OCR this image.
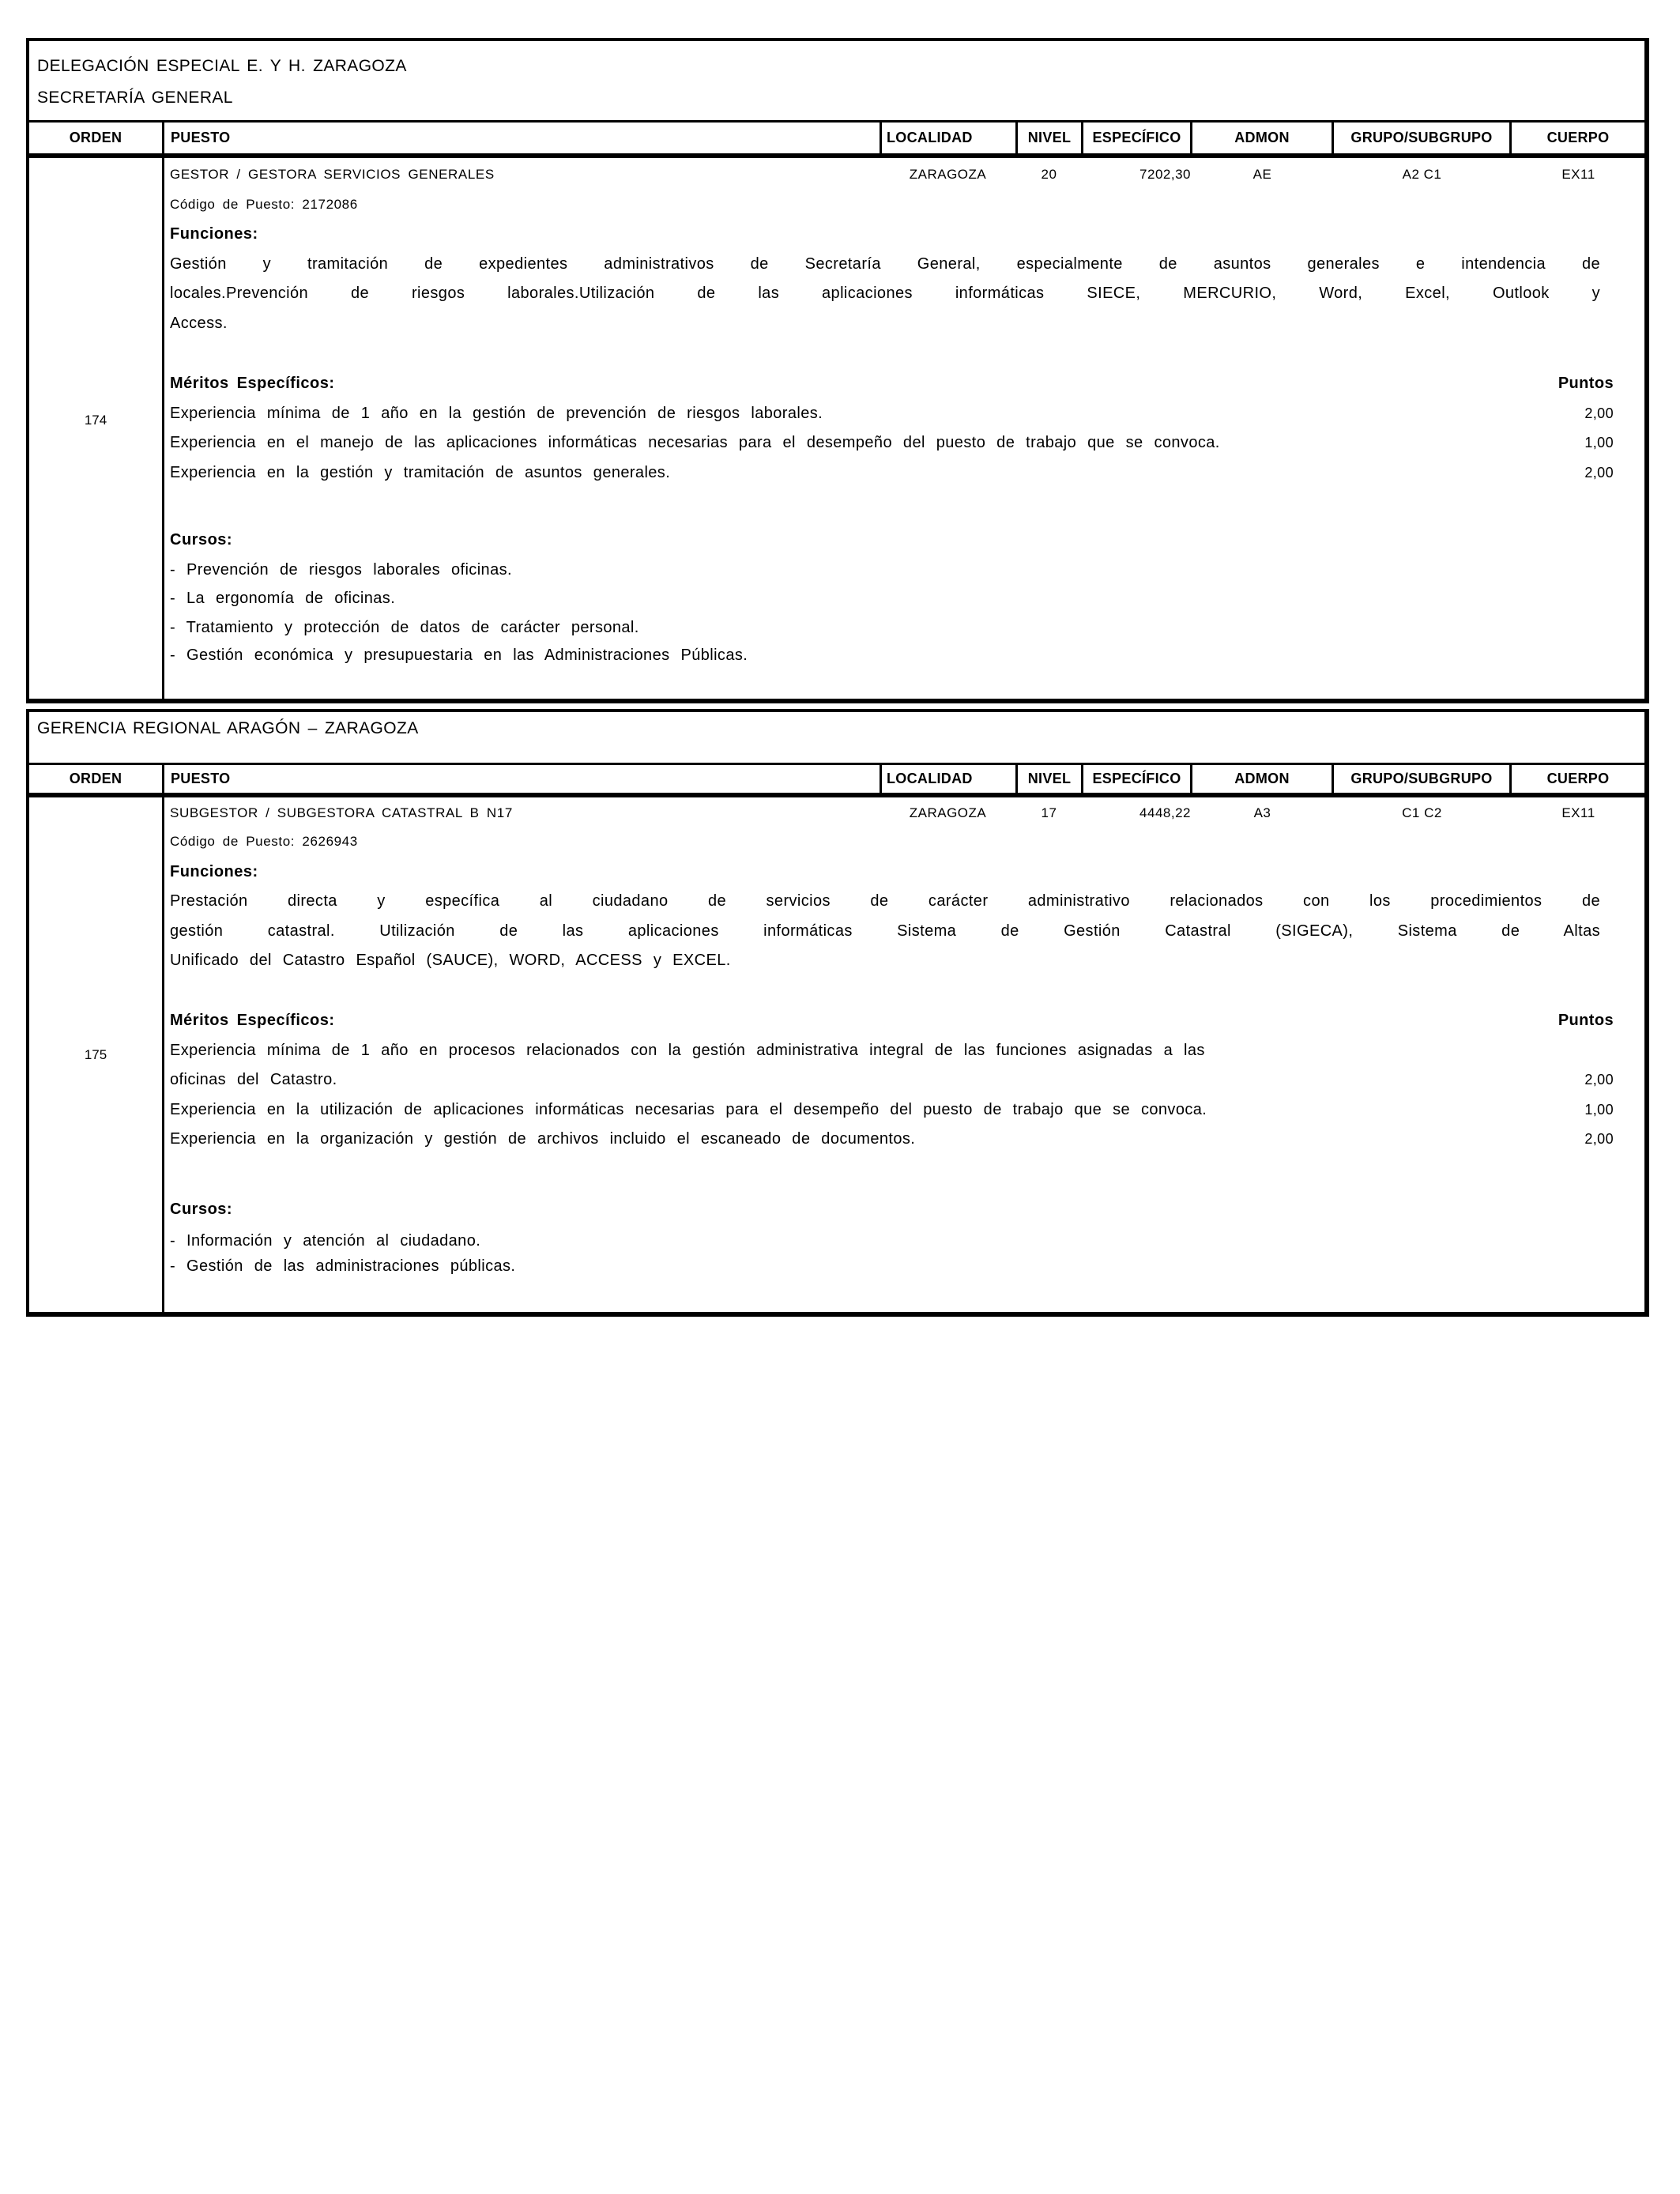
DELEGACIÓN ESPECIAL E. Y H. ZARAGOZA
SECRETARÍA GENERAL
ORDEN	PUESTO	LOCALIDAD	NIVEL	ESPECÍFICO	ADMON	GRUPO/SUBGRUPO	CUERPO
174
GESTOR / GESTORA SERVICIOS GENERALES	ZARAGOZA	20	7202,30	AE	A2 C1	EX11
Código de Puesto: 2172086
Funciones:
Gestión y tramitación de expedientes administrativos de Secretaría General, especialmente de asuntos generales e intendencia de
locales.Prevención de riesgos laborales.Utilización de las aplicaciones informáticas SIECE, MERCURIO, Word, Excel, Outlook y
Access.
Méritos Específicos:	Puntos
Experiencia mínima de 1 año en la gestión de prevención de riesgos laborales.	2,00
Experiencia en el manejo de las aplicaciones informáticas necesarias para el desempeño del puesto de trabajo que se convoca.	1,00
Experiencia en la gestión y tramitación de asuntos generales.	2,00
Cursos:
- Prevención de riesgos laborales oficinas.
- La ergonomía de oficinas.
- Tratamiento y protección de datos de carácter personal.
- Gestión económica y presupuestaria en las Administraciones Públicas.
GERENCIA REGIONAL ARAGÓN – ZARAGOZA
ORDEN	PUESTO	LOCALIDAD	NIVEL	ESPECÍFICO	ADMON	GRUPO/SUBGRUPO	CUERPO
175
SUBGESTOR / SUBGESTORA CATASTRAL B N17	ZARAGOZA	17	4448,22	A3	C1 C2	EX11
Código de Puesto: 2626943
Funciones:
Prestación directa y específica al ciudadano de servicios de carácter administrativo relacionados con los procedimientos de
gestión catastral. Utilización de las aplicaciones informáticas Sistema de Gestión Catastral (SIGECA), Sistema de Altas
Unificado del Catastro Español (SAUCE), WORD, ACCESS y EXCEL.
Méritos Específicos:	Puntos
Experiencia mínima de 1 año en procesos relacionados con la gestión administrativa integral de las funciones asignadas a las
oficinas del Catastro.	2,00
Experiencia en la utilización de aplicaciones informáticas necesarias para el desempeño del puesto de trabajo que se convoca.	1,00
Experiencia en la organización y gestión de archivos incluido el escaneado de documentos.	2,00
Cursos:
- Información y atención al ciudadano.
- Gestión de las administraciones públicas.
